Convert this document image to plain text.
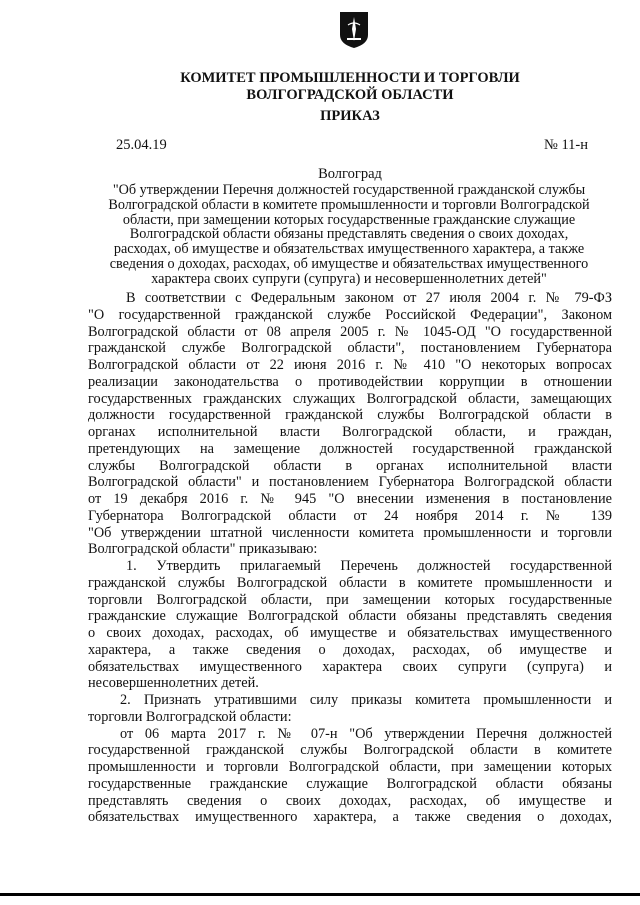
КОМИТЕТ ПРОМЫШЛЕННОСТИ И ТОРГОВЛИ
ВОЛГОГРАДСКОЙ ОБЛАСТИ
ПРИКАЗ
25.04.19	№ 11-н
Волгоград
"Об утверждении Перечня должностей государственной гражданской службы
Волгоградской области в комитете промышленности и торговли Волгоградской
области, при замещении которых государственные гражданские служащие
Волгоградской области обязаны представлять сведения о своих доходах,
расходах, об имуществе и обязательствах имущественного характера, а также
сведения о доходах, расходах, об имуществе и обязательствах имущественного
характера своих супруги (супруга) и несовершеннолетних детей"

В соответствии с Федеральным законом от 27 июля 2004 г. № 79-ФЗ

"О государственной гражданской службе Российской Федерации", Законом

Волгоградской области от 08 апреля 2005 г. № 1045-ОД "О государственной

гражданской службе Волгоградской области", постановлением Губернатора

Волгоградской области от 22 июня 2016 г. № 410 "О некоторых вопросах

реализации законодательства о противодействии коррупции в отношении

государственных гражданских служащих Волгоградской области, замещающих

должности государственной гражданской службы Волгоградской области в

органах исполнительной власти Волгоградской области, и граждан,

претендующих на замещение должностей государственной гражданской

службы Волгоградской области в органах исполнительной власти

Волгоградской области" и постановлением Губернатора Волгоградской области

от 19 декабря 2016 г. № 945 "О внесении изменения в постановление

Губернатора Волгоградской области от 24 ноября 2014 г. № 139

"Об утверждении штатной численности комитета промышленности и торговли

Волгоградской области" приказываю:

1. Утвердить прилагаемый Перечень должностей государственной

гражданской службы Волгоградской области в комитете промышленности и

торговли Волгоградской области, при замещении которых государственные

гражданские служащие Волгоградской области обязаны представлять сведения

о своих доходах, расходах, об имуществе и обязательствах имущественного

характера, а также сведения о доходах, расходах, об имуществе и

обязательствах имущественного характера своих супруги (супруга) и

несовершеннолетних детей.

2. Признать утратившими силу приказы комитета промышленности и

торговли Волгоградской области:

от 06 марта 2017 г. № 07-н "Об утверждении Перечня должностей

государственной гражданской службы Волгоградской области в комитете

промышленности и торговли Волгоградской области, при замещении которых

государственные гражданские служащие Волгоградской области обязаны

представлять сведения о своих доходах, расходах, об имуществе и

обязательствах имущественного характера, а также сведения о доходах,
